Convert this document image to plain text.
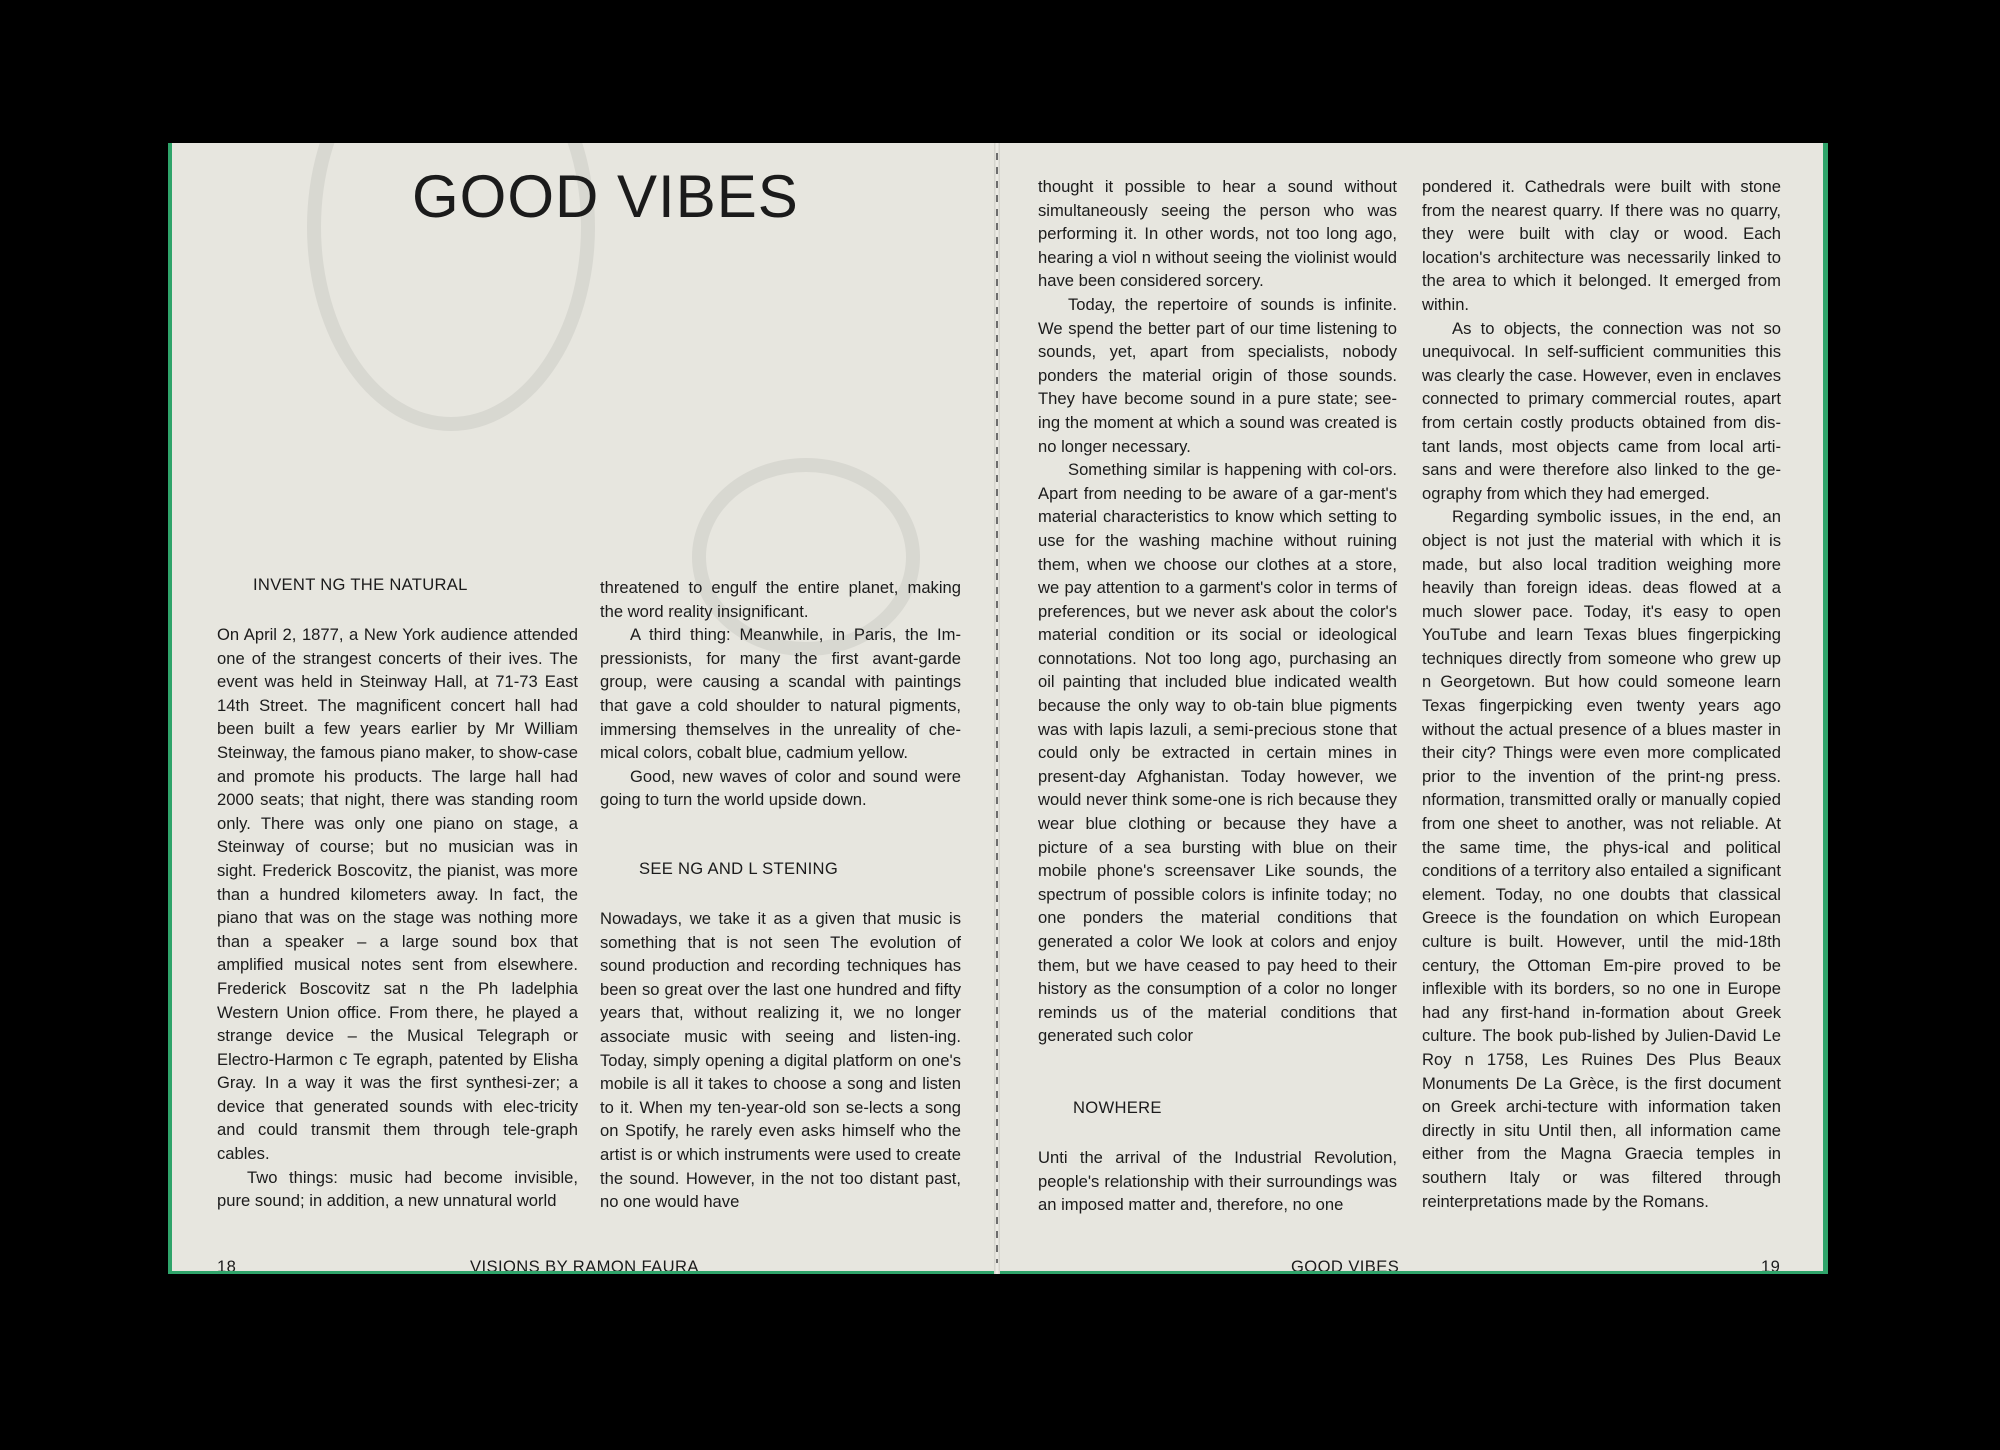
GOOD VIBES
INVENT NG THE NATURAL

On April 2, 1877, a New York audience attended one of the strangest concerts of their ives. The event was held in Steinway Hall, at 71-73 East 14th Street. The magnificent concert hall had been built a few years earlier by Mr William Steinway, the famous piano maker, to show-case and promote his products. The large hall had 2000 seats; that night, there was standing room only. There was only one piano on stage, a Steinway of course; but no musician was in sight. Frederick Boscovitz, the pianist, was more than a hundred kilometers away. In fact, the piano that was on the stage was nothing more than a speaker – a large sound box that amplified musical notes sent from elsewhere. Frederick Boscovitz sat n the Ph ladelphia Western Union office. From there, he played a strange device – the Musical Telegraph or Electro-Harmon c Te egraph, patented by Elisha Gray. In a way it was the first synthesi-zer; a device that generated sounds with elec-tricity and could transmit them through tele-graph cables.

Two things: music had become invisible, pure sound; in addition, a new unnatural world

threatened to engulf the entire planet, making the word reality insignificant.

A third thing: Meanwhile, in Paris, the Im-pressionists, for many the first avant-garde group, were causing a scandal with paintings that gave a cold shoulder to natural pigments, immersing themselves in the unreality of che-mical colors, cobalt blue, cadmium yellow.

Good, new waves of color and sound were going to turn the world upside down.

SEE NG AND L STENING

Nowadays, we take it as a given that music is something that is not seen The evolution of sound production and recording techniques has been so great over the last one hundred and fifty years that, without realizing it, we no longer associate music with seeing and listen-ing. Today, simply opening a digital platform on one's mobile is all it takes to choose a song and listen to it. When my ten-year-old son se-lects a song on Spotify, he rarely even asks himself who the artist is or which instruments were used to create the sound. However, in the not too distant past, no one would have

18	VISIONS BY RAMON FAURA

thought it possible to hear a sound without simultaneously seeing the person who was performing it. In other words, not too long ago, hearing a viol n without seeing the violinist would have been considered sorcery.

Today, the repertoire of sounds is infinite. We spend the better part of our time listening to sounds, yet, apart from specialists, nobody ponders the material origin of those sounds. They have become sound in a pure state; see-ing the moment at which a sound was created is no longer necessary.

Something similar is happening with col-ors. Apart from needing to be aware of a gar-ment's material characteristics to know which setting to use for the washing machine without ruining them, when we choose our clothes at a store, we pay attention to a garment's color in terms of preferences, but we never ask about the color's material condition or its social or ideological connotations. Not too long ago, purchasing an oil painting that included blue indicated wealth because the only way to ob-tain blue pigments was with lapis lazuli, a semi-precious stone that could only be extracted in certain mines in present-day Afghanistan. Today however, we would never think some-one is rich because they wear blue clothing or because they have a picture of a sea bursting with blue on their mobile phone's screensaver Like sounds, the spectrum of possible colors is infinite today; no one ponders the material conditions that generated a color We look at colors and enjoy them, but we have ceased to pay heed to their history as the consumption of a color no longer reminds us of the material conditions that generated such color

NOWHERE

Unti the arrival of the Industrial Revolution, people's relationship with their surroundings was an imposed matter and, therefore, no one

pondered it. Cathedrals were built with stone from the nearest quarry. If there was no quarry, they were built with clay or wood. Each location's architecture was necessarily linked to the area to which it belonged. It emerged from within.

As to objects, the connection was not so unequivocal. In self-sufficient communities this was clearly the case. However, even in enclaves connected to primary commercial routes, apart from certain costly products obtained from dis-tant lands, most objects came from local arti-sans and were therefore also linked to the ge-ography from which they had emerged.

Regarding symbolic issues, in the end, an object is not just the material with which it is made, but also local tradition weighing more heavily than foreign ideas. deas flowed at a much slower pace. Today, it's easy to open YouTube and learn Texas blues fingerpicking techniques directly from someone who grew up n Georgetown. But how could someone learn Texas fingerpicking even twenty years ago without the actual presence of a blues master in their city? Things were even more complicated prior to the invention of the print-ng press. nformation, transmitted orally or manually copied from one sheet to another, was not reliable. At the same time, the phys-ical and political conditions of a territory also entailed a significant element. Today, no one doubts that classical Greece is the foundation on which European culture is built. However, until the mid-18th century, the Ottoman Em-pire proved to be inflexible with its borders, so no one in Europe had any first-hand in-formation about Greek culture. The book pub-lished by Julien-David Le Roy n 1758, Les Ruines Des Plus Beaux Monuments De La Grèce, is the first document on Greek archi-tecture with information taken directly in situ Until then, all information came either from the Magna Graecia temples in southern Italy or was filtered through reinterpretations made by the Romans.

GOOD VIBES	19
